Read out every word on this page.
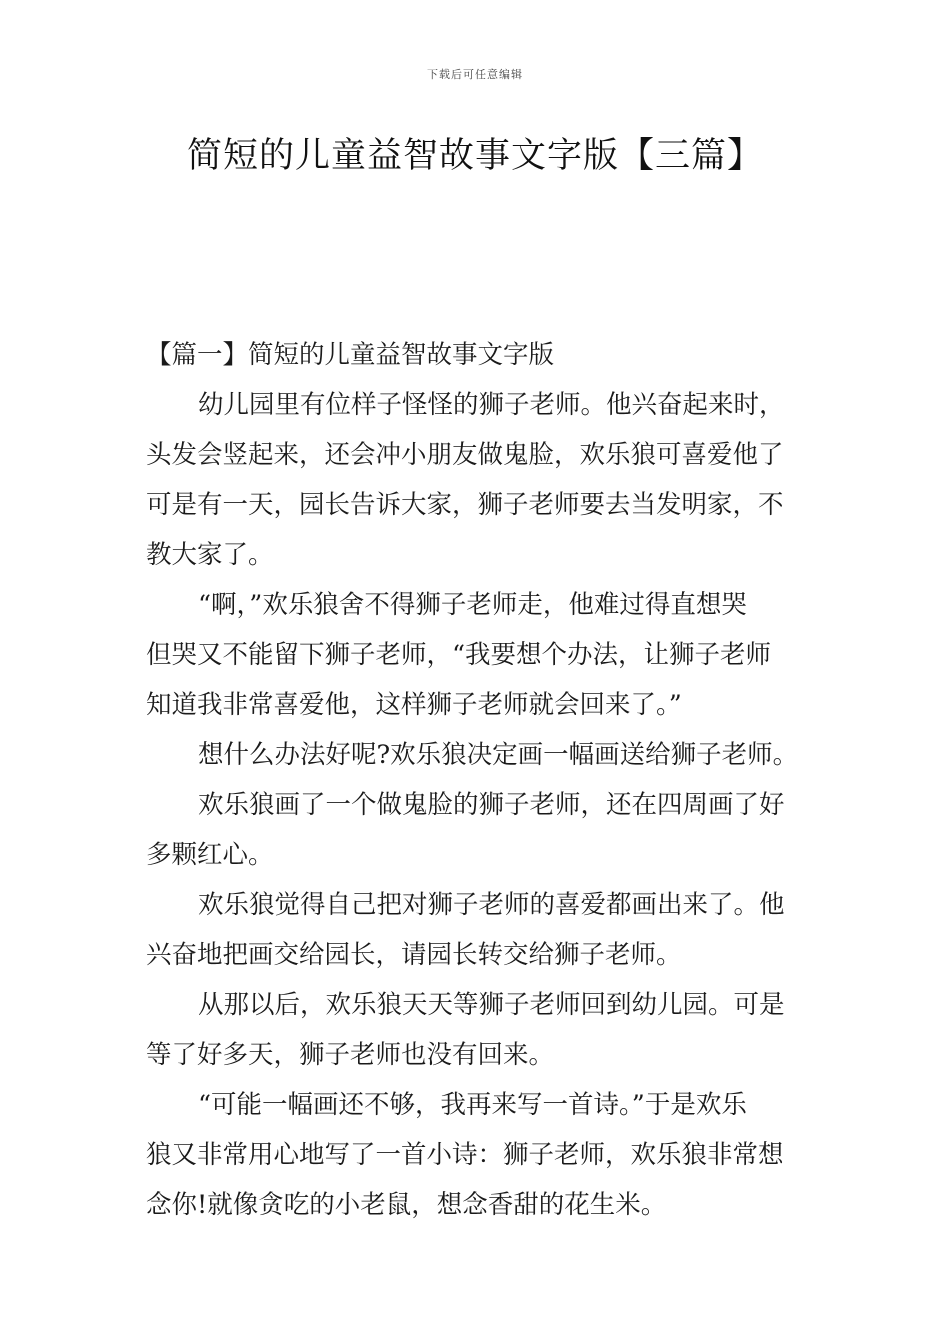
下载后可任意编辑
简短的儿童益智故事文字版【三篇】

【篇一】简短的儿童益智故事文字版

幼儿园里有位样子怪怪的狮子老师。他兴奋起来时，
头发会竖起来，还会冲小朋友做鬼脸，欢乐狼可喜爱他了
可是有一天，园长告诉大家，狮子老师要去当发明家，不
教大家了。

“啊，”欢乐狼舍不得狮子老师走，他难过得直想哭
但哭又不能留下狮子老师，“我要想个办法，让狮子老师
知道我非常喜爱他，这样狮子老师就会回来了。”

想什么办法好呢?欢乐狼决定画一幅画送给狮子老师。

欢乐狼画了一个做鬼脸的狮子老师，还在四周画了好
多颗红心。

欢乐狼觉得自己把对狮子老师的喜爱都画出来了。他
兴奋地把画交给园长，请园长转交给狮子老师。

从那以后，欢乐狼天天等狮子老师回到幼儿园。可是
等了好多天，狮子老师也没有回来。

“可能一幅画还不够，我再来写一首诗。”于是欢乐
狼又非常用心地写了一首小诗：狮子老师，欢乐狼非常想
念你!就像贪吃的小老鼠，想念香甜的花生米。
